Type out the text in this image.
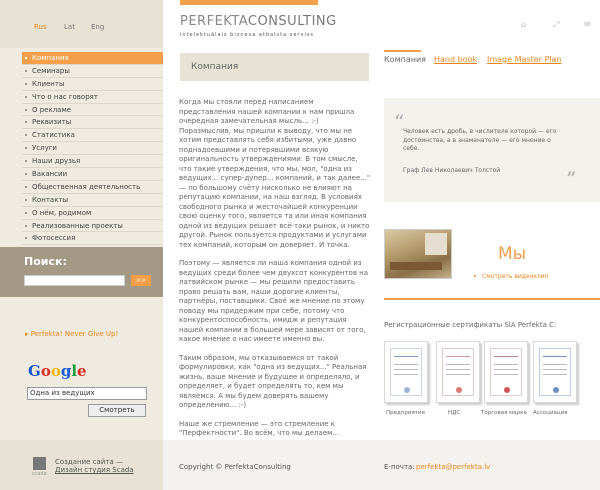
Rus Lat Eng
Компания
Семинары
Клиенты
Что о нас говорят
О рекламе
Реквизиты
Статистика
Услуги
Наши друзья
Вакансии
Общественная деятельность
Контакты
О нём, родимом
Реализованные проекты
Фотосессия
Поиск:
>>
▸ Perfekta! Never Give Up!
Google
Одна из ведущих
Смотреть
PERFEKTACONSULTING
intelektuālais biznesa atbalsta serviss
⌂	⤢	✉
Компания

Когда мы стояли перед написанием представления нашей компании к нам пришла очередная замечательная мысль... :-) Поразмыслив, мы пришли к выводу, что мы не хотим представлять себя избитыми, уже давно поднадоевшими и потерявшими всякую оригинальность утверждениями. В том смысле, что такие утверждения, что мы, мол, "одна из ведущих... супер-дупер... компаний, и так далее..." — по большому счёту нисколько не влияют на репутацию компании, на наш взгляд. В условиях свободного рынка и жесточайшей конкуренции свою оценку того, является та или иная компания одной из ведущих решает всё-таки рынок, и никто другой. Рынок пользуется продуктами и услугами тех компаний, которым он доверяет. И точка.

Поэтому — является ли наша компания одной из ведущих среди более чем двухсот конкурентов на латвийском рынке — мы решили предоставить право решать вам, наши дорогие клиенты, партнёры, поставщики. Своё же мнение по этому поводу мы придержим при себе, потому что конкурентоспособность, имидж и репутация нашей компании в большей мере зависят от того, какое мнение о нас имеете именно вы.

Таким образом, мы отказываемся от такой формулировки, как "одна из ведущих..." Реальная жизнь, ваше мнение и будущее и определяло, и определяет, и будет определять то, кем мы являемся. А мы будем доверять вашему определению... :-)

Наше же стремление — это стремление к "Перфектности". Во всём, что мы делаем...

Компания Hand book Image Master Plan
“
Человек есть дробь, в числителе которой — его достоинства, а в знаменателе — его мнение о себе.
Граф Лев Николаевич Толстой	”
Мы
▸ Смотреть видеоклип
Регистрационные сертификаты SIA Perfekta C:
Предприятия	НДС	Торговая марка Ассоциация
scada
Создание сайта —
Дизайн студия Scada	Copyright © PerfektaConsulting	E-почта: perfekta@perfekta.lv
